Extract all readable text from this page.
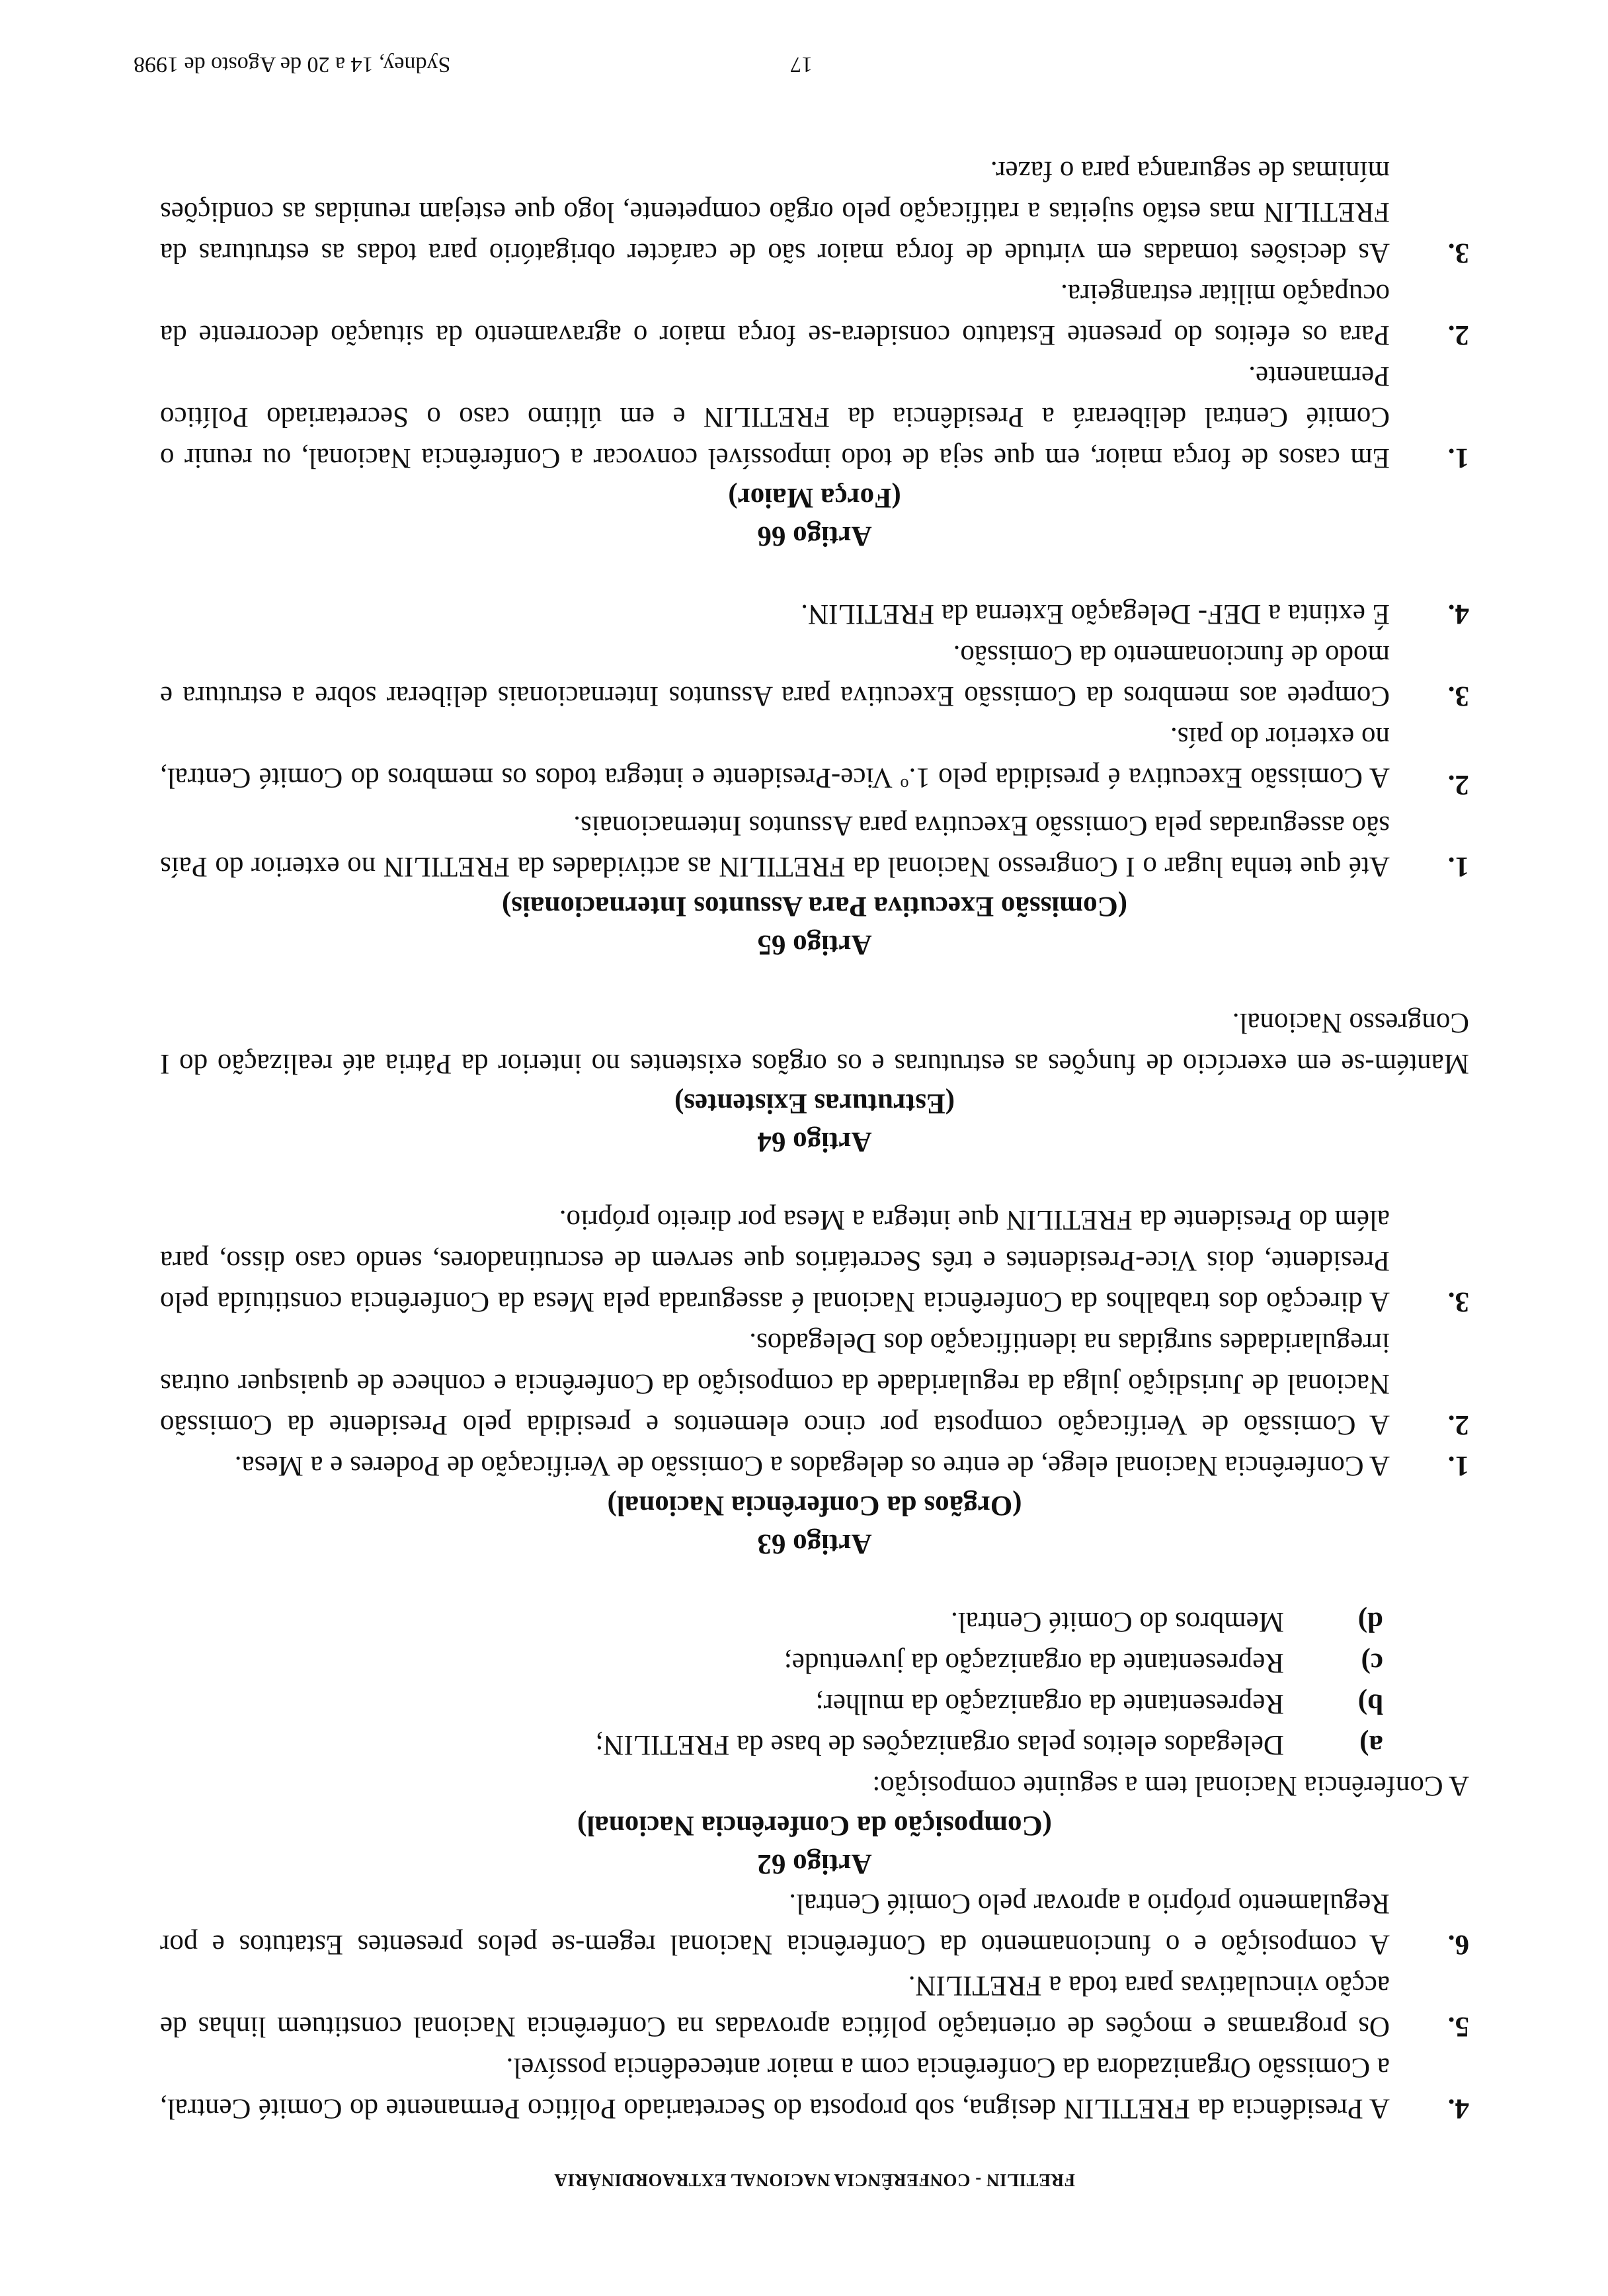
FRETILIN - CONFERÊNCIA NACIONAL EXTRAORDINÁRIA
4.
A Presidência da FRETILIN designa, sob proposta do Secretariado Político Permanente do Comité Central, a Comissão Organizadora da Conferência com a maior antecedência possível.
5.
Os programas e moções de orientação política aprovadas na Conferência Nacional constituem linhas de acção vinculativas para toda a FRETILIN.
6.
A composição e o funcionamento da Conferência Nacional regem-se pelos presentes Estatutos e por Regulamento próprio a aprovar pelo Comité Central.
Artigo 62
(Composição da Conferência Nacional)
A Conferência Nacional tem a seguinte composição:
a)
Delegados eleitos pelas organizações de base da FRETILIN;
b)
Representante da organização da mulher;
c)
Representante da organização da juventude;
d)
Membros do Comité Central.
Artigo 63
(Orgãos da Conferência Nacional)
1.
A Conferência Nacional elege, de entre os delegados a Comissão de Verificação de Poderes e a Mesa.
2.
A Comissão de Verificação composta por cinco elementos e presidida pelo Presidente da Comissão Nacional de Jurisdição julga da regularidade da composição da Conferência e conhece de quaisquer outras irregularidades surgidas na identificação dos Delegados.
3.
A direcção dos trabalhos da Conferência Nacional é assegurada pela Mesa da Conferência constituída pelo Presidente, dois Vice-Presidentes e três Secretários que servem de escrutinadores, sendo caso disso, para além do Presidente da FRETILIN que integra a Mesa por direito próprio.
Artigo 64
(Estruturas Existentes)
Mantém-se em exercício de funções as estruturas e os orgãos existentes no interior da Pátria até realização do I Congresso Nacional.
Artigo 65
(Comissão Executiva Para Assuntos Internacionais)
1.
Até que tenha lugar o I Congresso Nacional da FRETILIN as actividades da FRETILIN no exterior do País são asseguradas pela Comissão Executiva para Assuntos Internacionais.
2.
A Comissão Executiva é presidida pelo 1.$^o$ Vice-Presidente e integra todos os membros do Comité Central, no exterior do país.
3.
Compete aos membros da Comissão Executiva para Assuntos Internacionais deliberar sobre a estrutura e modo de funcionamento da Comissão.
4.
É extinta a DEF- Delegação Externa da FRETILIN.
Artigo 66
(Força Maior)
1.
Em casos de força maior, em que seja de todo impossível convocar a Conferência Nacional, ou reunir o Comité Central deliberará a Presidência da FRETILIN e em último caso o Secretariado Político Permanente.
2.
Para os efeitos do presente Estatuto considera-se força maior o agravamento da situação decorrente da ocupação militar estrangeira.
3.
As decisões tomadas em virtude de força maior são de carácter obrigatório para todas as estruturas da FRETILIN mas estão sujeitas a ratificação pelo orgão competente, logo que estejam reunidas as condições mínimas de segurança para o fazer.
17
Sydney, 14 a 20 de Agosto de 1998
